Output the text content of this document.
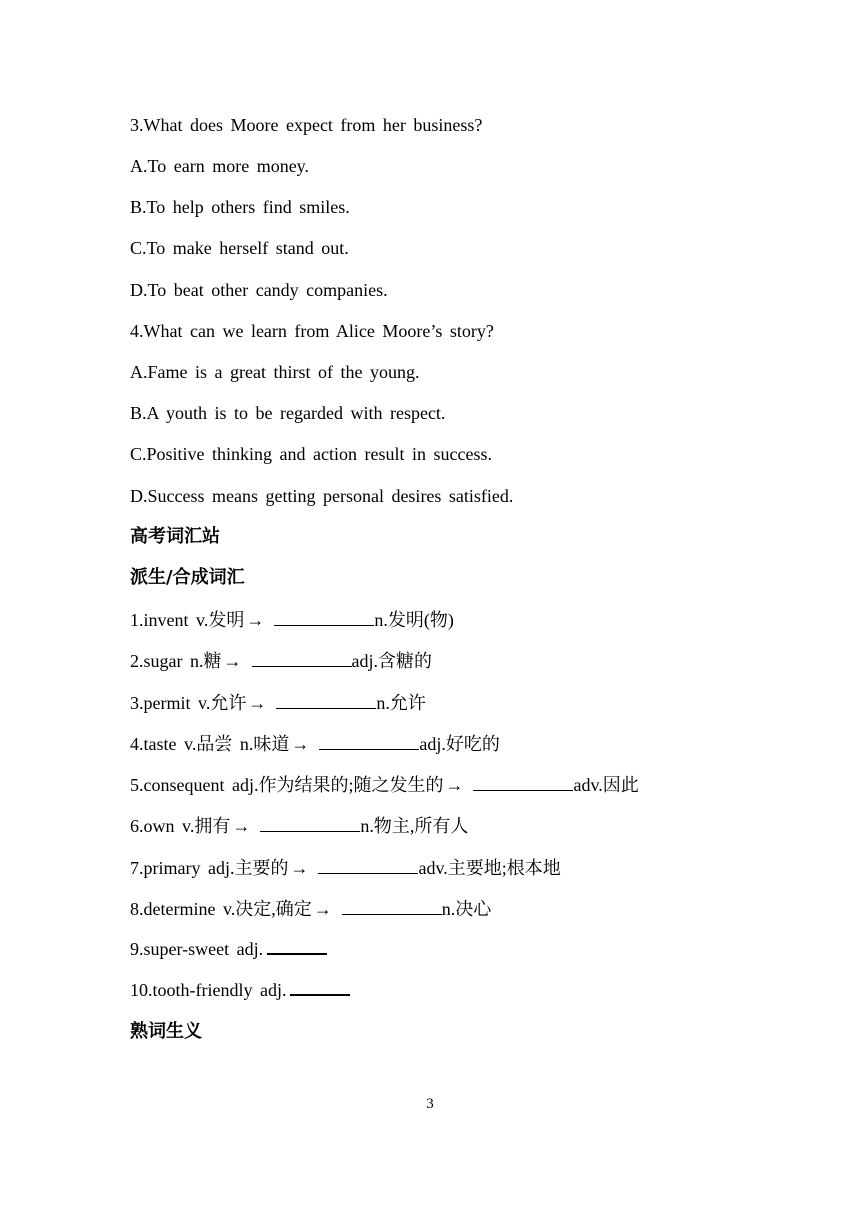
3.What does Moore expect from her business?
A.To earn more money.
B.To help others find smiles.
C.To make herself stand out.
D.To beat other candy companies.
4.What can we learn from Alice Moore’s story?
A.Fame is a great thirst of the young.
B.A youth is to be regarded with respect.
C.Positive thinking and action result in success.
D.Success means getting personal desires satisfied.
高考词汇站
派生/合成词汇
1.invent v.发明 →	n.发明(物)
2.sugar n.糖 →	adj.含糖的
3.permit v.允许 →	n.允许
4.taste v.品尝 n.味道 →	adj.好吃的
5.consequent adj.作为结果的;随之发生的 →	adv.因此
6.own v.拥有 →	n.物主,所有人
7.primary adj.主要的 →	adv.主要地;根本地
8.determine v.决定,确定 →	n.决心
9.super-sweet adj.
10.tooth-friendly adj.
熟词生义
3
